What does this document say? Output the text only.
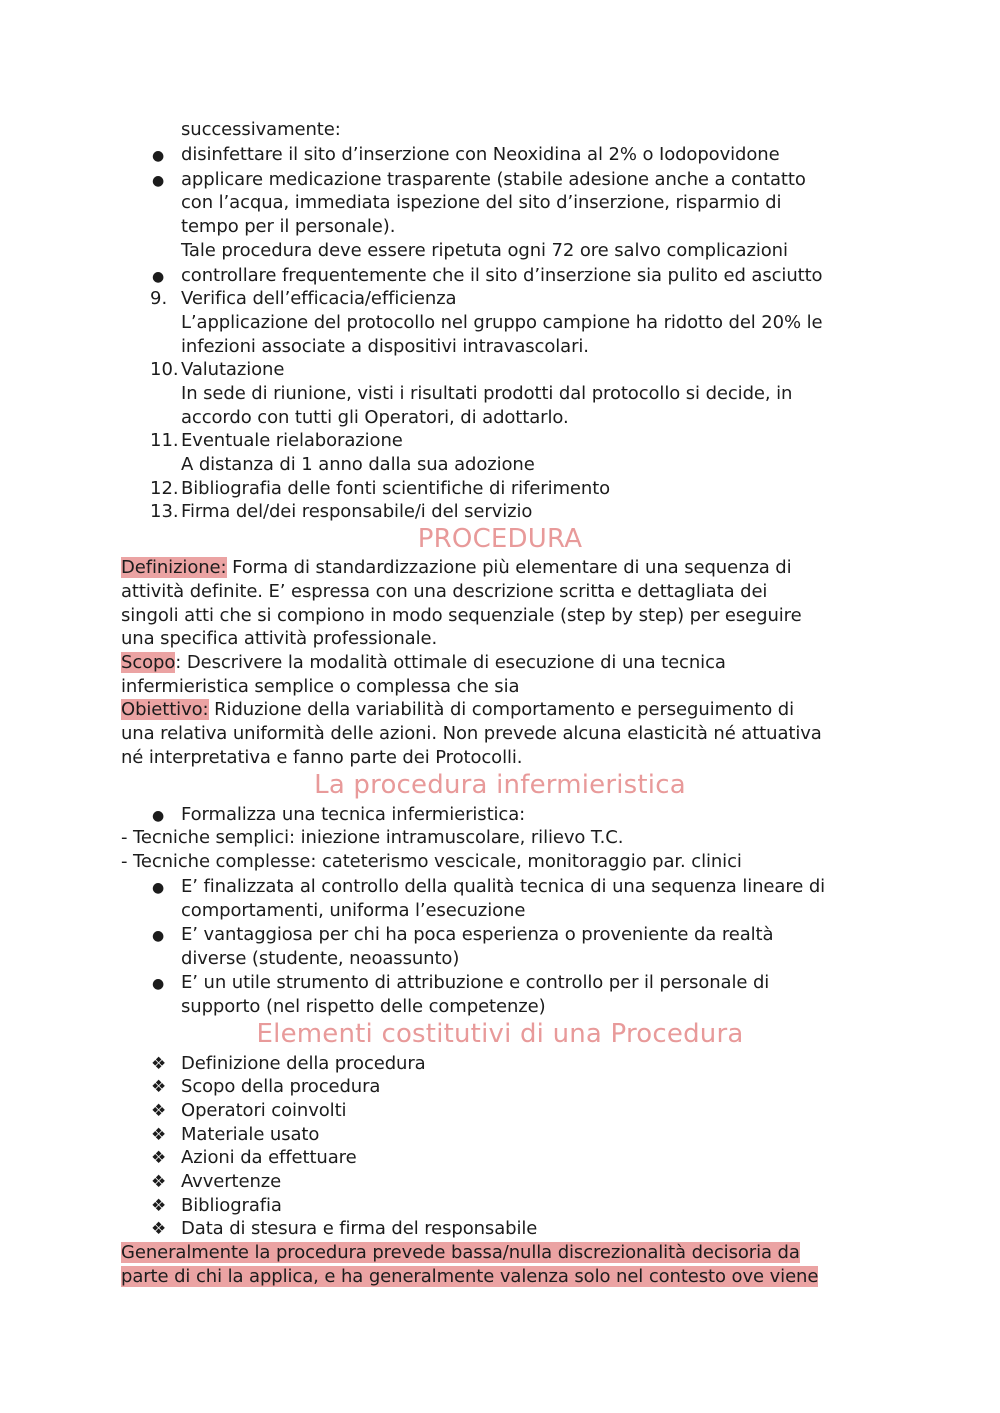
successivamente:
● disinfettare il sito d’inserzione con Neoxidina al 2% o Iodopovidone
● applicare medicazione trasparente (stabile adesione anche a contatto
con l’acqua, immediata ispezione del sito d’inserzione, risparmio di
tempo per il personale).
Tale procedura deve essere ripetuta ogni 72 ore salvo complicazioni
● controllare frequentemente che il sito d’inserzione sia pulito ed asciutto
9. Verifica dell’efficacia/efficienza
L’applicazione del protocollo nel gruppo campione ha ridotto del 20% le
infezioni associate a dispositivi intravascolari.
10. Valutazione
In sede di riunione, visti i risultati prodotti dal protocollo si decide, in
accordo con tutti gli Operatori, di adottarlo.
11. Eventuale rielaborazione
A distanza di 1 anno dalla sua adozione
12. Bibliografia delle fonti scientifiche di riferimento
13. Firma del/dei responsabile/i del servizio
PROCEDURA
Definizione: Forma di standardizzazione più elementare di una sequenza di
attività definite. E’ espressa con una descrizione scritta e dettagliata dei
singoli atti che si compiono in modo sequenziale (step by step) per eseguire
una specifica attività professionale.
Scopo: Descrivere la modalità ottimale di esecuzione di una tecnica
infermieristica semplice o complessa che sia
Obiettivo: Riduzione della variabilità di comportamento e perseguimento di
una relativa uniformità delle azioni. Non prevede alcuna elasticità né attuativa
né interpretativa e fanno parte dei Protocolli.
La procedura infermieristica
● Formalizza una tecnica infermieristica:
- Tecniche semplici: iniezione intramuscolare, rilievo T.C.
- Tecniche complesse: cateterismo vescicale, monitoraggio par. clinici
● E’ finalizzata al controllo della qualità tecnica di una sequenza lineare di
comportamenti, uniforma l’esecuzione
● E’ vantaggiosa per chi ha poca esperienza o proveniente da realtà
diverse (studente, neoassunto)
● E’ un utile strumento di attribuzione e controllo per il personale di
supporto (nel rispetto delle competenze)
Elementi costitutivi di una Procedura
❖ Definizione della procedura
❖ Scopo della procedura
❖ Operatori coinvolti
❖ Materiale usato
❖ Azioni da effettuare
❖ Avvertenze
❖ Bibliografia
❖ Data di stesura e firma del responsabile
Generalmente la procedura prevede bassa/nulla discrezionalità decisoria da
parte di chi la applica, e ha generalmente valenza solo nel contesto ove viene
